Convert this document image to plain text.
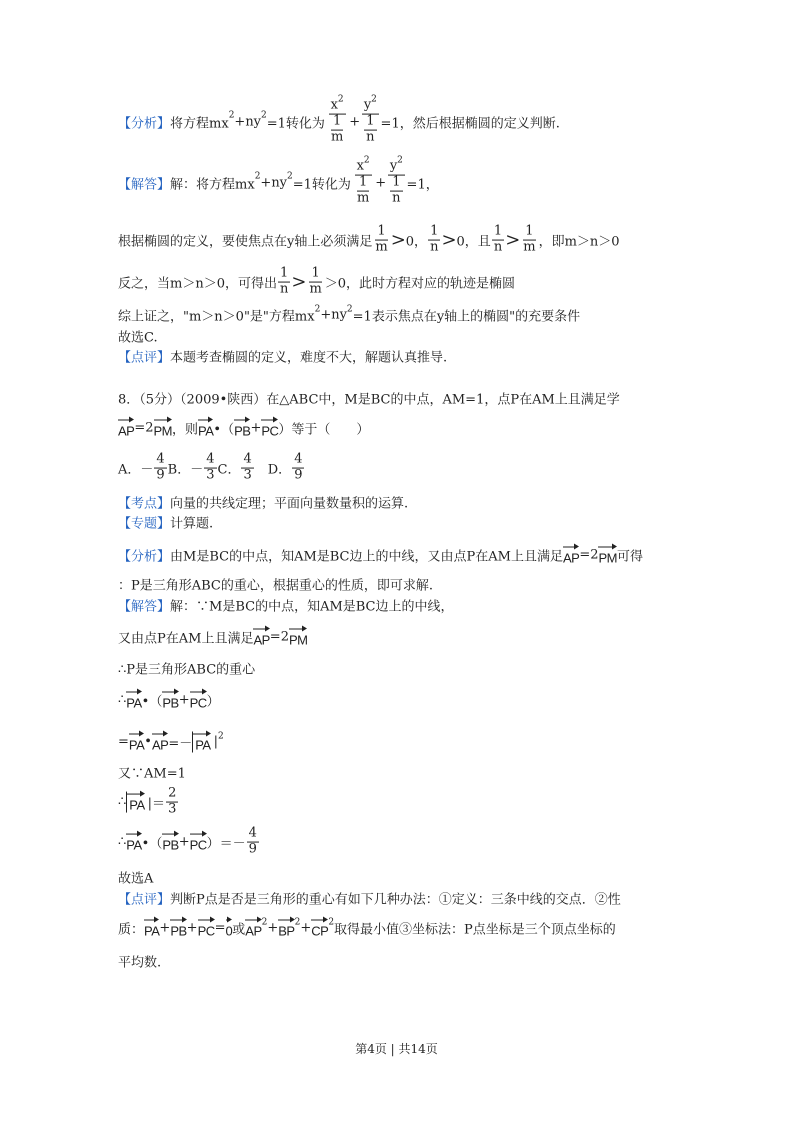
【分析】 将方程mx
2 +ny 2
=1转化为 $\frac{x 2}{\frac{1}{m}} + \frac{y 2}{\frac{1}{n}} =1$，然后根据椭圆的定义判断.
【解答】 解：将方程mx
2 +ny 2
=1转化为 $\frac{x 2}{\frac{1}{m}} + \frac{y 2}{\frac{1}{n}} =1$，
根据椭圆的定义，要使焦点在y轴上必须满足 $\frac{1}{m} > 0$， $\frac{1}{n} > 0$，且 $\frac{1}{n} > \frac{1}{m}$ ，即m＞n＞0
反之，当m＞n＞0，可得出 $\frac{1}{n} > \frac{1}{m} >0$，此时方程对应的轨迹是椭圆
综上证之，"m＞n＞0"是"方程mx
2 +ny 2
=1表示焦点在y轴上的椭圆"的充要条件
故选C.
【点评】 本题考查椭圆的定义，难度不大，解题认真推导.
8．（5分）（2009•陕西）在△ABC中，M是BC的中点，AM=1，点P在AM上且满足学
AP =2 PM ，则 PA •（ PB + PC ）等于（　　）
A．－ $\frac{4}{9}$ B．－ $\frac{4}{3}$ C． $\frac{4}{3}$ 　D． $\frac{4}{9}$
【考点】 向量的共线定理；平面向量数量积的运算.
【专题】 计算题.
【分析】 由M是BC的中点，知AM是BC边上的中线，又由点P在AM上且满足 AP =2 PM 可得
：P是三角形ABC的重心，根据重心的性质，即可求解.
【解答】 解：∵M是BC的中点，知AM是BC边上的中线，
又由点P在AM上且满足 AP =2 PM
∴P是三角形ABC的重心
∴ PA •（ PB + PC ）
= PA • AP =－ PA | 2
又∵AM=1
∴ PA |＝ $\frac{2}{3}$
∴ PA •（ PB + PC ）＝－ $\frac{4}{9}$
故选A
【点评】 判断P点是否是三角形的重心有如下几种办法：①定义：三条中线的交点．②性
质： PA + PB + PC = 0 或 AP
2 + BP
2 + CP
2
取得最小值③坐标法：P点坐标是三个顶点坐标的
平均数.
第4页 | 共14页
